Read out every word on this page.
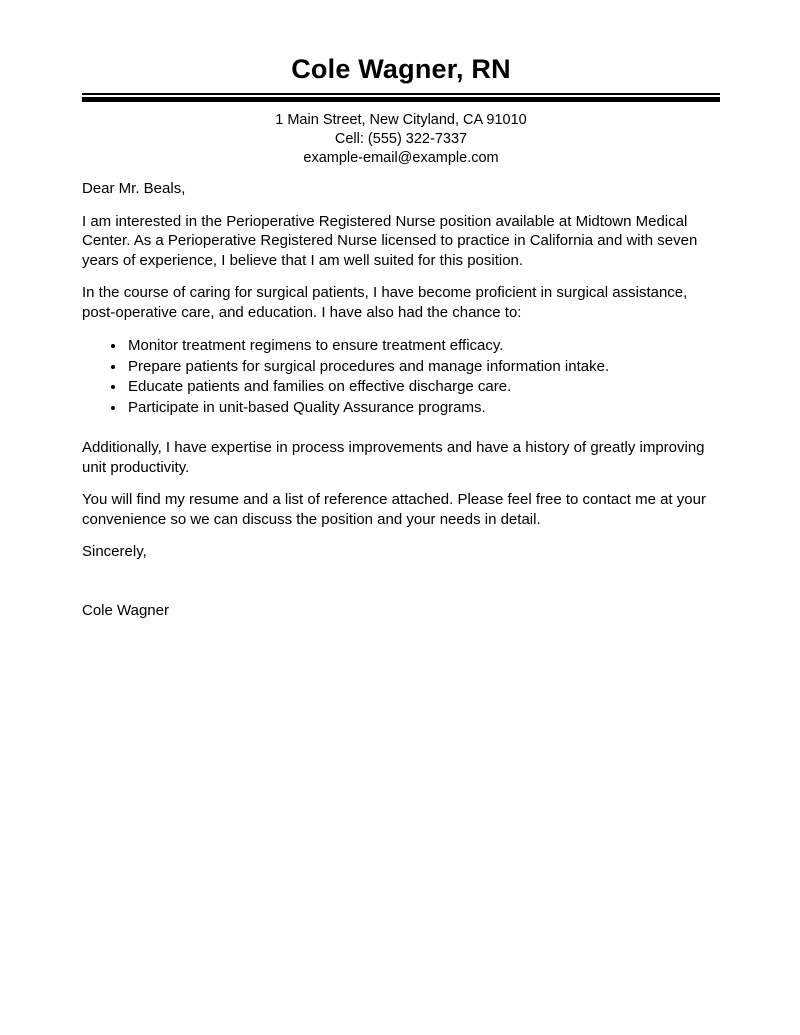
Cole Wagner, RN
1 Main Street, New Cityland, CA 91010
Cell: (555) 322-7337
example-email@example.com

Dear Mr. Beals,

I am interested in the Perioperative Registered Nurse position available at Midtown Medical Center. As a Perioperative Registered Nurse licensed to practice in California and with seven years of experience, I believe that I am well suited for this position.

In the course of caring for surgical patients, I have become proficient in surgical assistance, post-operative care, and education. I have also had the chance to:

• Monitor treatment regimens to ensure treatment efficacy.
• Prepare patients for surgical procedures and manage information intake.
• Educate patients and families on effective discharge care.
• Participate in unit-based Quality Assurance programs.

Additionally, I have expertise in process improvements and have a history of greatly improving unit productivity.

You will find my resume and a list of reference attached. Please feel free to contact me at your convenience so we can discuss the position and your needs in detail.

Sincerely,

Cole Wagner
